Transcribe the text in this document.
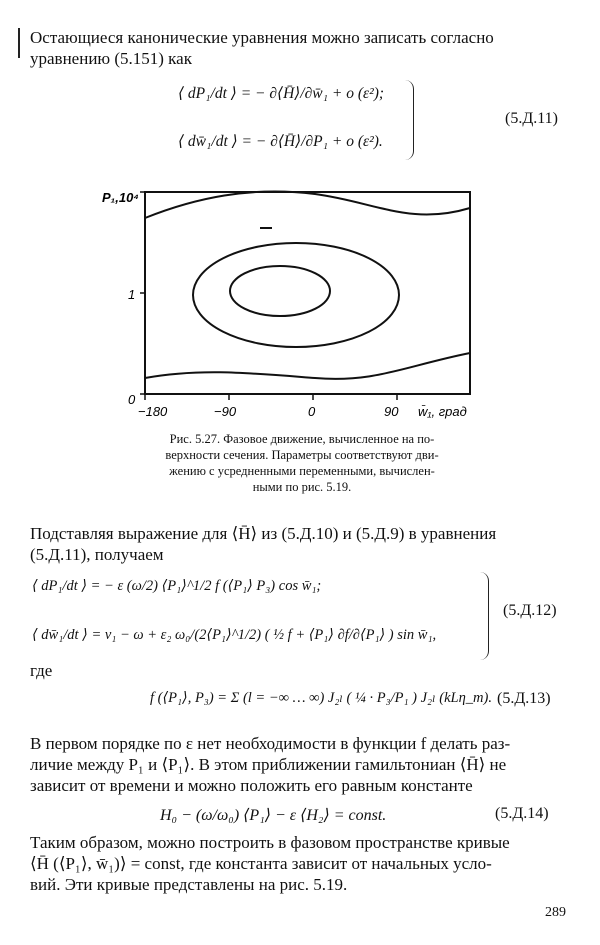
Остающиеся канонические уравнения можно записать согласно
уравнению (5.151) как
⟨ dP₁/dt ⟩ = − ∂⟨H̄⟩/∂w̄₁ + o (ε²);
⟨ dw̄₁/dt ⟩ = − ∂⟨H̄⟩/∂P₁ + o (ε²).
(5.Д.11)
P₁,10⁴
1
0
−180	−90	0	90 w̄₁, град
Рис. 5.27. Фазовое движение, вычисленное на по-
верхности сечения. Параметры соответствуют дви-
жению с усредненными переменными, вычислен-
ными по рис. 5.19.
Подставляя выражение для ⟨H̄⟩ из (5.Д.10) и (5.Д.9) в уравнения
(5.Д.11), получаем
⟨ dP₁/dt ⟩ = − ε (ω/2) ⟨P₁⟩^1/2 f (⟨P₁⟩ P₃) cos w̄₁;
⟨ dw̄₁/dt ⟩ = ν₁ − ω + ε₂ ω₀/(2⟨P₁⟩^1/2) ( ½ f + ⟨P₁⟩ ∂f/∂⟨P₁⟩ ) sin w̄₁,
(5.Д.12)
где
f (⟨P₁⟩, P₃) = Σ (l = −∞ … ∞) J₂ₗ ( ¼ · P₃/P₁ ) J₂ₗ (kLη_m). (5.Д.13)
В первом порядке по ε нет необходимости в функции f делать раз-
личие между P₁ и ⟨P₁⟩. В этом приближении гамильтониан ⟨H̄⟩ не
зависит от времени и можно положить его равным константе
H₀ − (ω/ω₀) ⟨P₁⟩ − ε ⟨H₂⟩ = const.	(5.Д.14)
Таким образом, можно построить в фазовом пространстве кривые
⟨H̄ (⟨P₁⟩, w̄₁)⟩ = const, где константа зависит от начальных усло-
вий. Эти кривые представлены на рис. 5.19.
289
